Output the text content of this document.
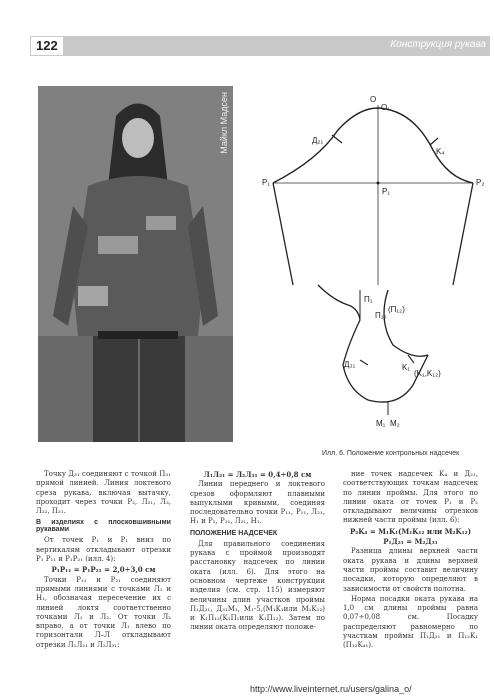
122	Конструкция рукава
Майкл Мадсен	O
O₁
Д₂₁
K₄
P₁
P₁
P₂
П₁
П₁₂
(П₁₂)
Д₃₁	K₁
(K₁,K₁₂)
M₁ M₂
Илл. 6. Положение контрольных надсечек

Точку Д₃₁ соединяют с точкой П₃₁ прямой линией. Линия локтевого среза рукава, включая вытачку, проходит через точки P₂, Л₂₁, Л₃, Л₂₂, П₃₁.

В изделиях с плосковшивными рукавами

От точек P₁ и P₁ вниз по вертикалям откладывают отрезки P₁ P₁₁ и P₁P₂₁ (илл. 4):

P₁P₁₁ = P₁P₂₁ = 2,0÷3,0 см

Точки P₁₁ и P₂₁ соединяют прямыми линиями с точками Л₁ и Н₁, обозначая пересечение их с линией локтя соответственно точками Л₁ и Л₂. От точки Л₂ вправо, а от точки Л₁ влево по горизонтали Л–Л откладывают отрезки Л₁Л₂₁ и Л₂Л₃₁:

Л₁Л₂₁ = Л₂Л₃₁ = 0,4÷0,8 см

Линии переднего и локтевого срезов оформляют плавными выпуклыми кривыми, соединяя последовательно точки P₁₁, P₁₁, Л₂₁, Н₁ и P₂, P₂₁, Л₃₁, Н₁.

ПОЛОЖЕНИЕ НАДСЕЧЕК

Для правильного соединения рукава с проймой производят расстановку надсечек по линии оката (илл. 6). Для этого на основном чертеже конструкции изделия (см. стр. 115) измеряют величины длин участков проймы П₁Д₃₁, Д₃₁M₁, M₁-5,(M₁K₁или M₁K₁₂) и K₁П₁₂(K₁П₁или K₁П₁₂). Затем по линии оката определяют положе-

ние точек надсечек K₄ и Д₂₁, соответствующих точкам надсечек по линии проймы. Для этого по линии оката от точек P₁ и P₂ откладывают величины отрезков нижней части проймы (илл. 6):

P₂K₄ = M₁K₁(M₁K₁₂ или M₂K₁₂)

P₁Д₂₁ = M₂Д₃₁

Разница длины верхней части оката рукава и длины верхней части проймы составит величину посадки, которую определяют в зависимости от свойств полотна.

Норма посадки оката рукава на 1,0 см длины проймы равна 0,07÷0,08 см. Посадку распределяют равномерно по участкам проймы П₁Д₃₁ и П₁₂K₁ (П₁₂K₄₁).

http://www.liveinternet.ru/users/galina_o/
